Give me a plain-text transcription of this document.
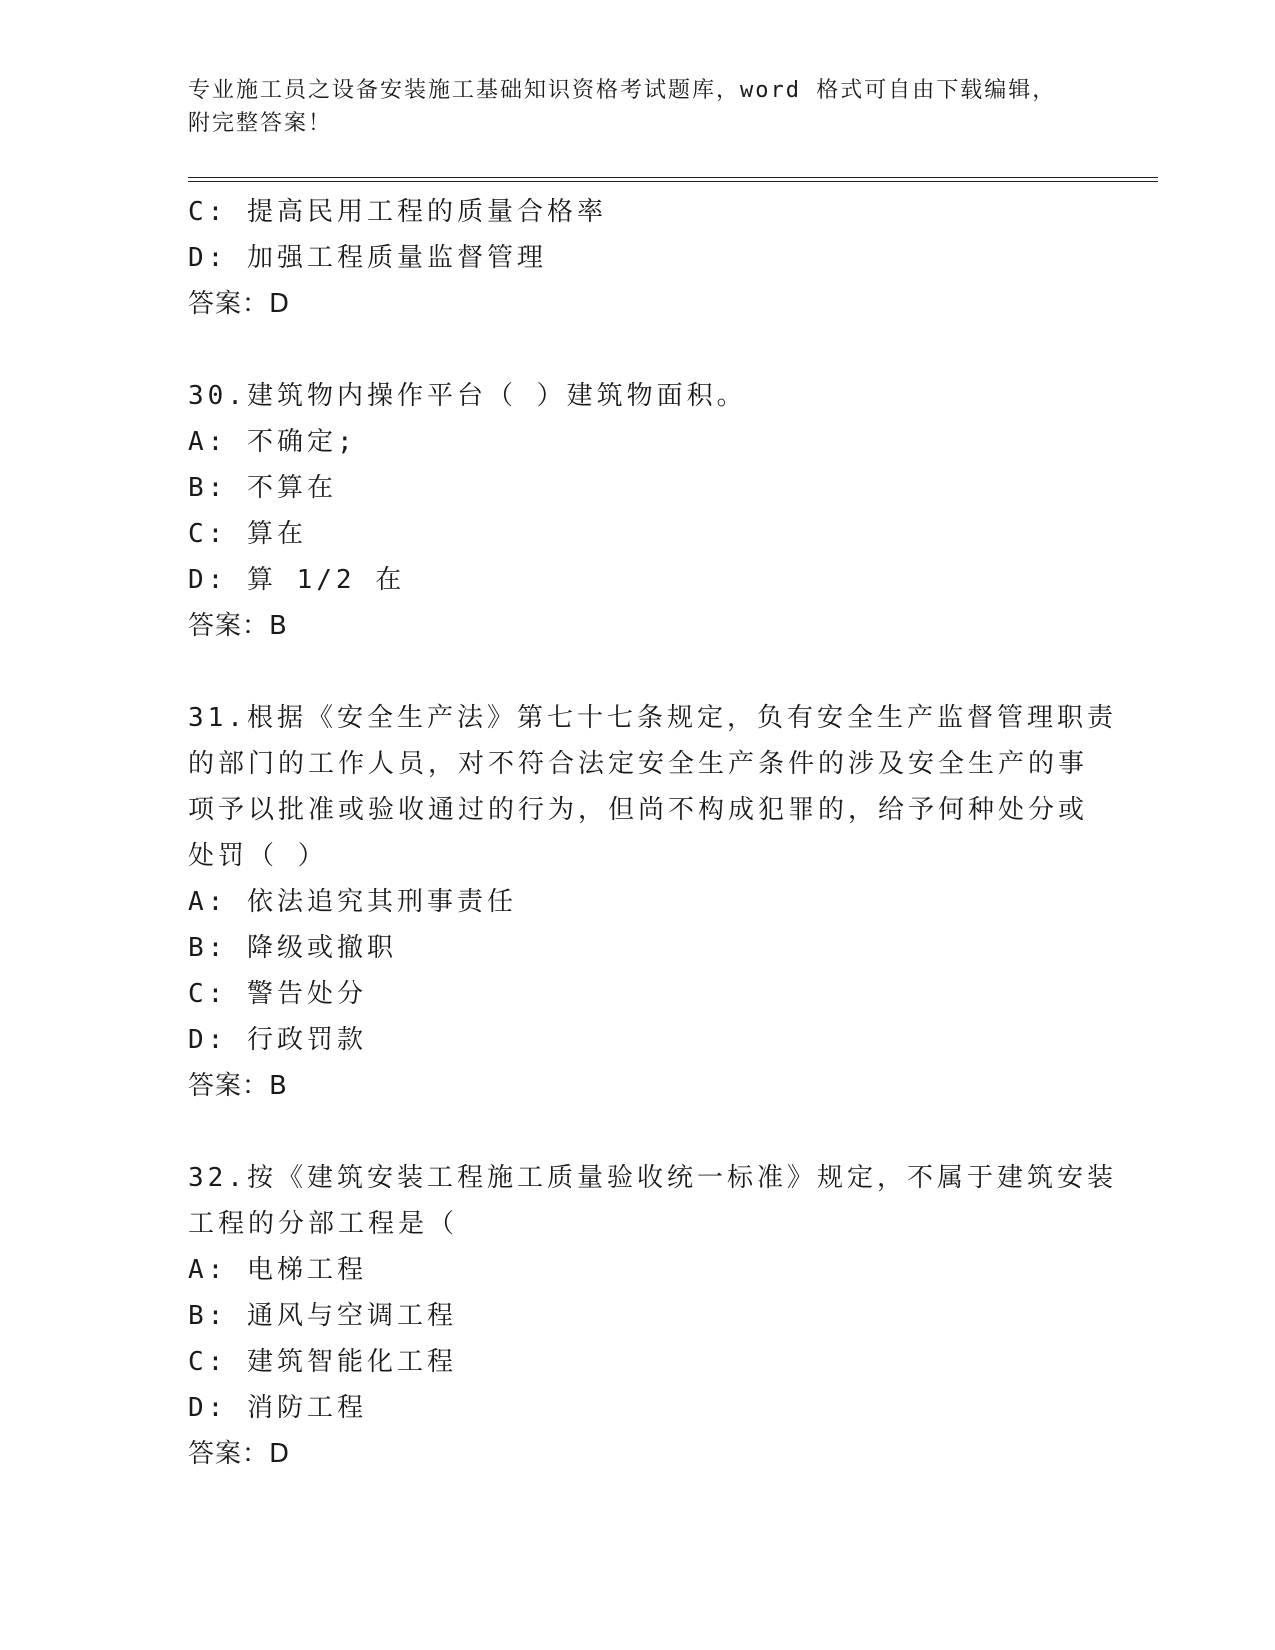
专业施工员之设备安装施工基础知识资格考试题库，word 格式可自由下载编辑，
附完整答案！
C: 提高民用工程的质量合格率
D: 加强工程质量监督管理
答案：D
30.建筑物内操作平台（ ）建筑物面积。
A: 不确定;
B: 不算在
C: 算在
D: 算 1/2 在
答案：B
31.根据《安全生产法》第七十七条规定，负有安全生产监督管理职责
的部门的工作人员，对不符合法定安全生产条件的涉及安全生产的事
项予以批准或验收通过的行为，但尚不构成犯罪的，给予何种处分或
处罚（ ）
A: 依法追究其刑事责任
B: 降级或撤职
C: 警告处分
D: 行政罚款
答案：B
32.按《建筑安装工程施工质量验收统一标准》规定，不属于建筑安装
工程的分部工程是（
A: 电梯工程
B: 通风与空调工程
C: 建筑智能化工程
D: 消防工程
答案：D
